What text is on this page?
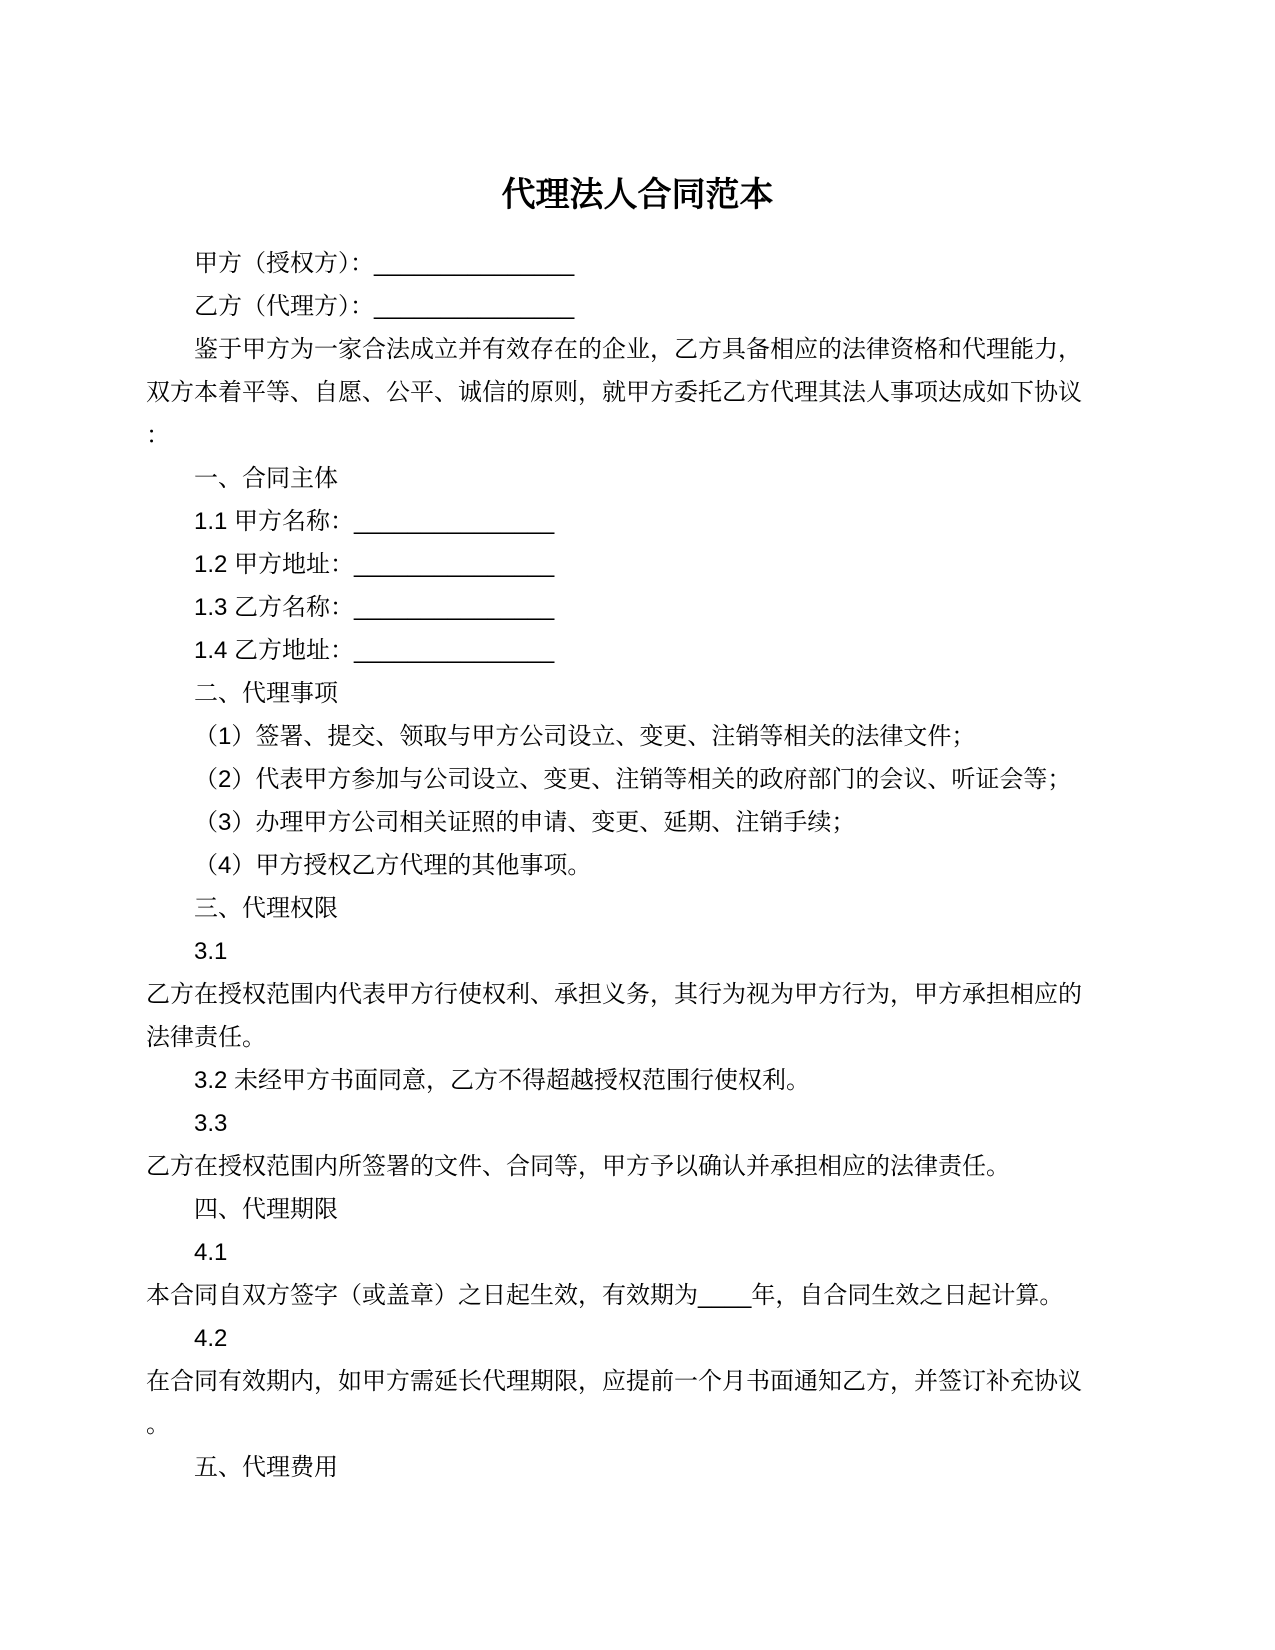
代理法人合同范本
甲方（授权方）：_______________
乙方（代理方）：_______________
鉴于甲方为一家合法成立并有效存在的企业，乙方具备相应的法律资格和代理能力，
双方本着平等、自愿、公平、诚信的原则，就甲方委托乙方代理其法人事项达成如下协议
：
一、合同主体
1.1 甲方名称：_______________
1.2 甲方地址：_______________
1.3 乙方名称：_______________
1.4 乙方地址：_______________
二、代理事项
（1）签署、提交、领取与甲方公司设立、变更、注销等相关的法律文件；
（2）代表甲方参加与公司设立、变更、注销等相关的政府部门的会议、听证会等；
（3）办理甲方公司相关证照的申请、变更、延期、注销手续；
（4）甲方授权乙方代理的其他事项。
三、代理权限
3.1
乙方在授权范围内代表甲方行使权利、承担义务，其行为视为甲方行为，甲方承担相应的
法律责任。
3.2 未经甲方书面同意，乙方不得超越授权范围行使权利。
3.3
乙方在授权范围内所签署的文件、合同等，甲方予以确认并承担相应的法律责任。
四、代理期限
4.1
本合同自双方签字（或盖章）之日起生效，有效期为____年，自合同生效之日起计算。
4.2
在合同有效期内，如甲方需延长代理期限，应提前一个月书面通知乙方，并签订补充协议
。
五、代理费用
